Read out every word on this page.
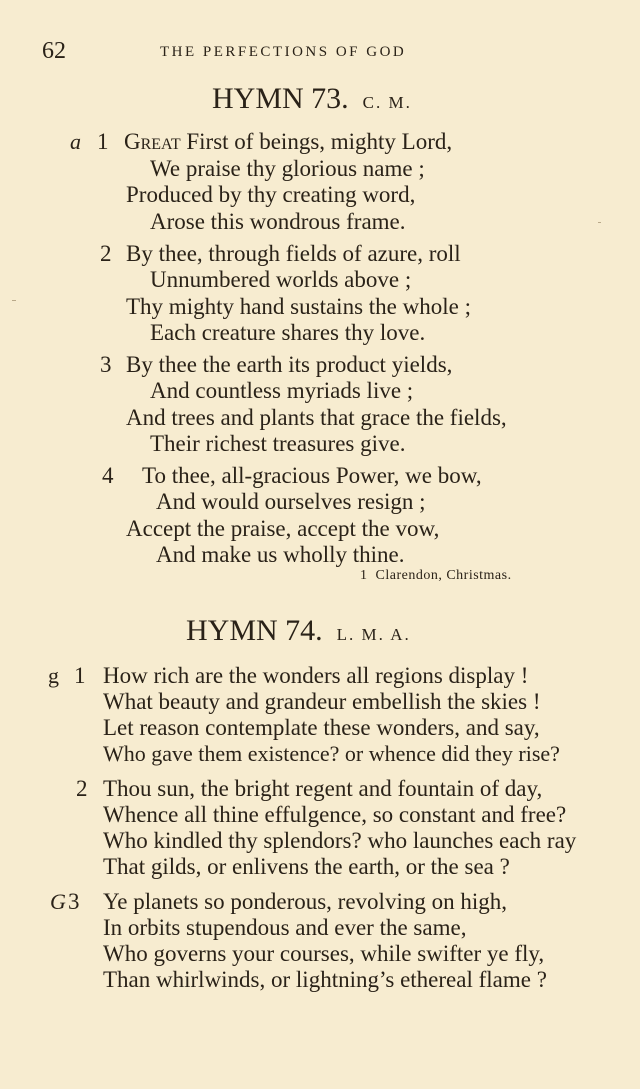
62	THE PERFECTIONS OF GOD
HYMN 73. C. M.
a 1 Great First of beings, mighty Lord,
We praise thy glorious name ;
Produced by thy creating word,
Arose this wondrous frame.
2 By thee, through fields of azure, roll
Unnumbered worlds above ;
Thy mighty hand sustains the whole ;
Each creature shares thy love.
3 By thee the earth its product yields,
And countless myriads live ;
And trees and plants that grace the fields,
Their richest treasures give.
4 To thee, all-gracious Power, we bow,
And would ourselves resign ;
Accept the praise, accept the vow,
And make us wholly thine.
1 Clarendon, Christmas.
HYMN 74. L. M. A.
g 1 How rich are the wonders all regions display !
What beauty and grandeur embellish the skies !
Let reason contemplate these wonders, and say,
Who gave them existence? or whence did they rise?
2 Thou sun, the bright regent and fountain of day,
Whence all thine effulgence, so constant and free?
Who kindled thy splendors? who launches each ray
That gilds, or enlivens the earth, or the sea ?
G 3 Ye planets so ponderous, revolving on high,
In orbits stupendous and ever the same,
Who governs your courses, while swifter ye fly,
Than whirlwinds, or lightning’s ethereal flame ?
